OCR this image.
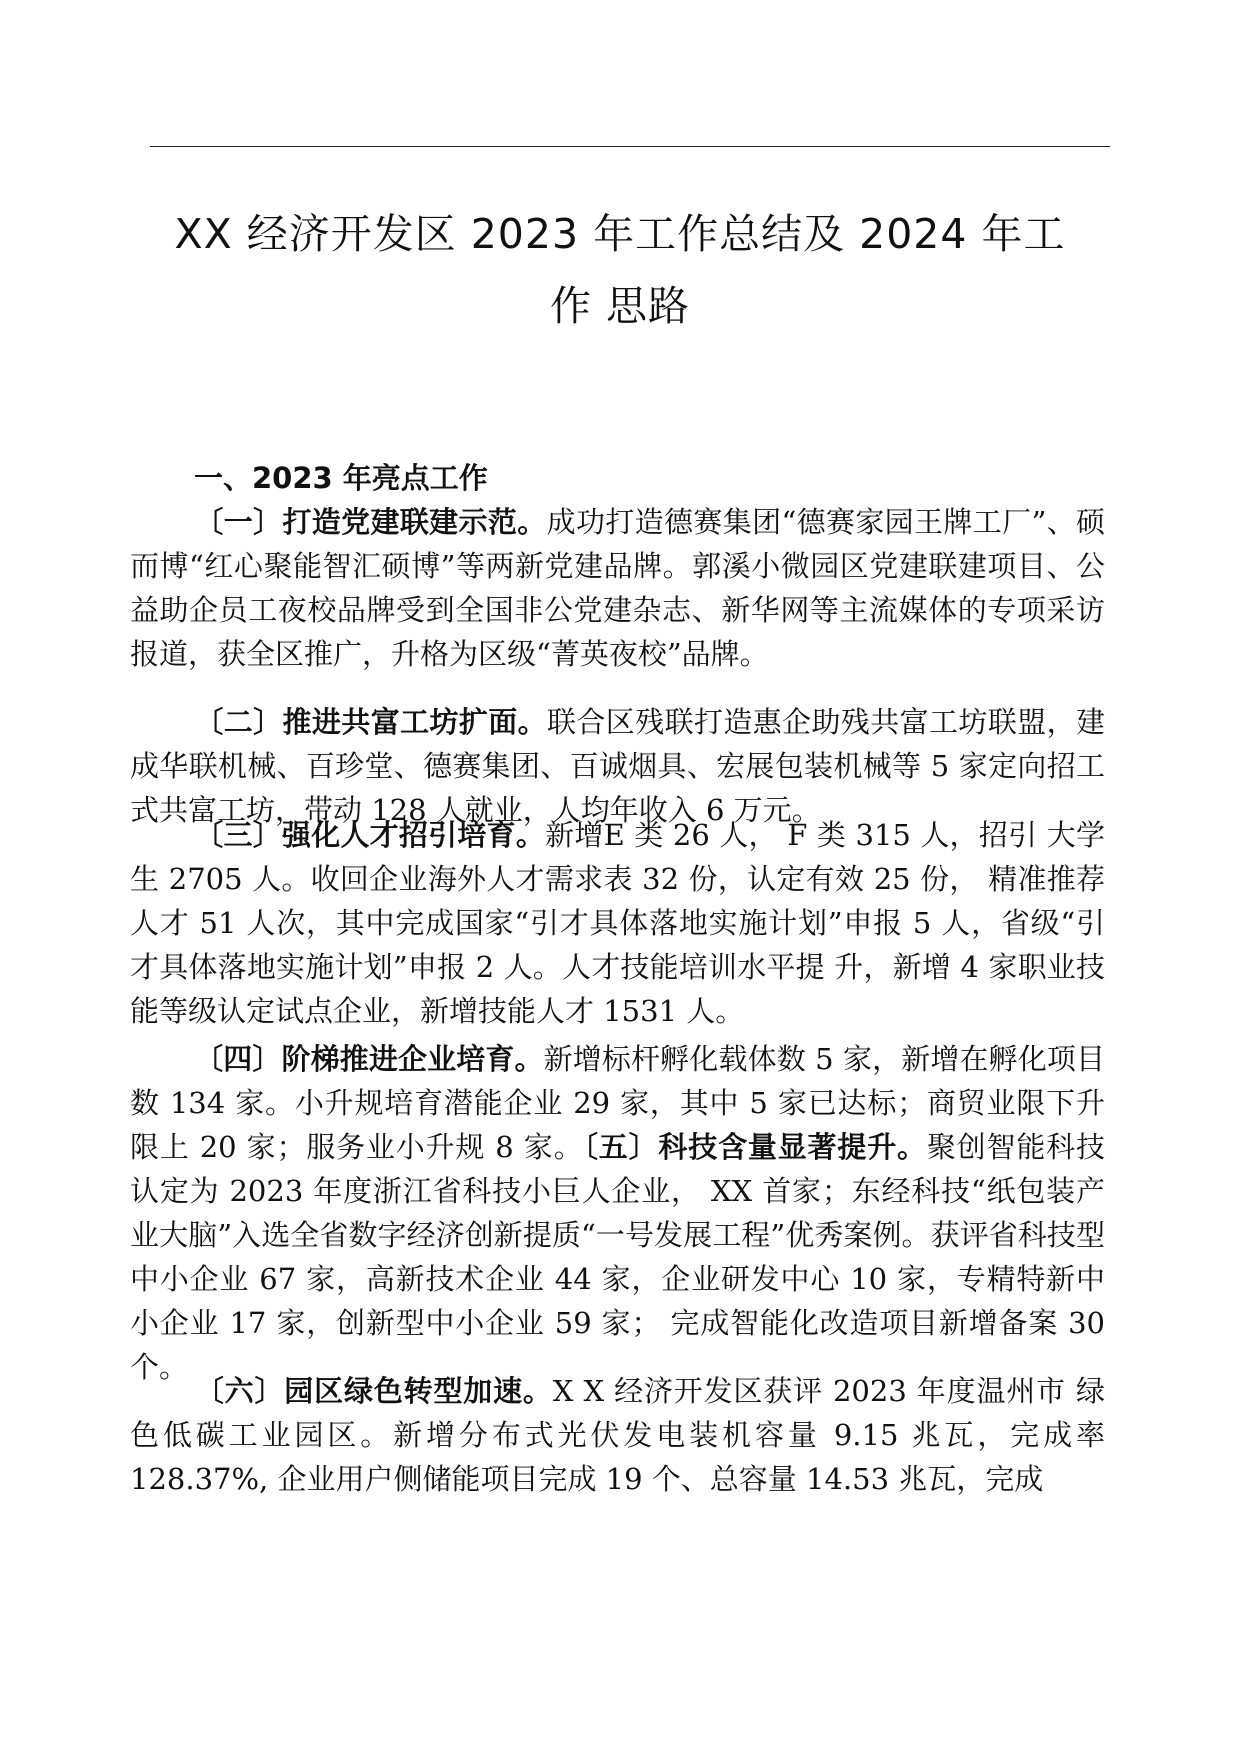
XX 经济开发区 2023 年工作总结及 2024 年工
作 思路
一、2023 年亮点工作

〔一〕打造党建联建示范。成功打造德赛集团“德赛家园王牌工厂”、硕而博“红心聚能智汇硕博”等两新党建品牌。郭溪小微园区党建联建项目、公益助企员工夜校品牌受到全国非公党建杂志、新华网等主流媒体的专项采访报道，获全区推广，升格为区级“菁英夜校”品牌。

〔二〕推进共富工坊扩面。联合区残联打造惠企助残共富工坊联盟，建成华联机械、百珍堂、德赛集团、百诚烟具、宏展包装机械等 5 家定向招工式共富工坊，带动 128 人就业，人均年收入 6 万元。

〔三〕强化人才招引培育。新增E 类 26 人， F 类 315 人，招引 大学生 2705 人。收回企业海外人才需求表 32 份，认定有效 25 份， 精准推荐人才 51 人次，其中完成国家“引才具体落地实施计划”申报 5 人，省级“引才具体落地实施计划”申报 2 人。人才技能培训水平提 升，新增 4 家职业技能等级认定试点企业，新增技能人才 1531 人。

〔四〕阶梯推进企业培育。新增标杆孵化载体数 5 家，新增在孵化项目数 134 家。小升规培育潜能企业 29 家，其中 5 家已达标；商贸业限下升限上 20 家；服务业小升规 8 家。〔五〕科技含量显著提升。聚创智能科技认定为 2023 年度浙江省科技小巨人企业， XX 首家；东经科技“纸包装产业大脑”入选全省数字经济创新提质“一号发展工程”优秀案例。获评省科技型中小企业 67 家，高新技术企业 44 家，企业研发中心 10 家，专精特新中小企业 17 家，创新型中小企业 59 家； 完成智能化改造项目新增备案 30 个。

〔六〕园区绿色转型加速。X X 经济开发区获评 2023 年度温州市 绿色低碳工业园区。新增分布式光伏发电装机容量 9.15 兆瓦，完成率 128.37%, 企业用户侧储能项目完成 19 个、总容量 14.53 兆瓦，完成
